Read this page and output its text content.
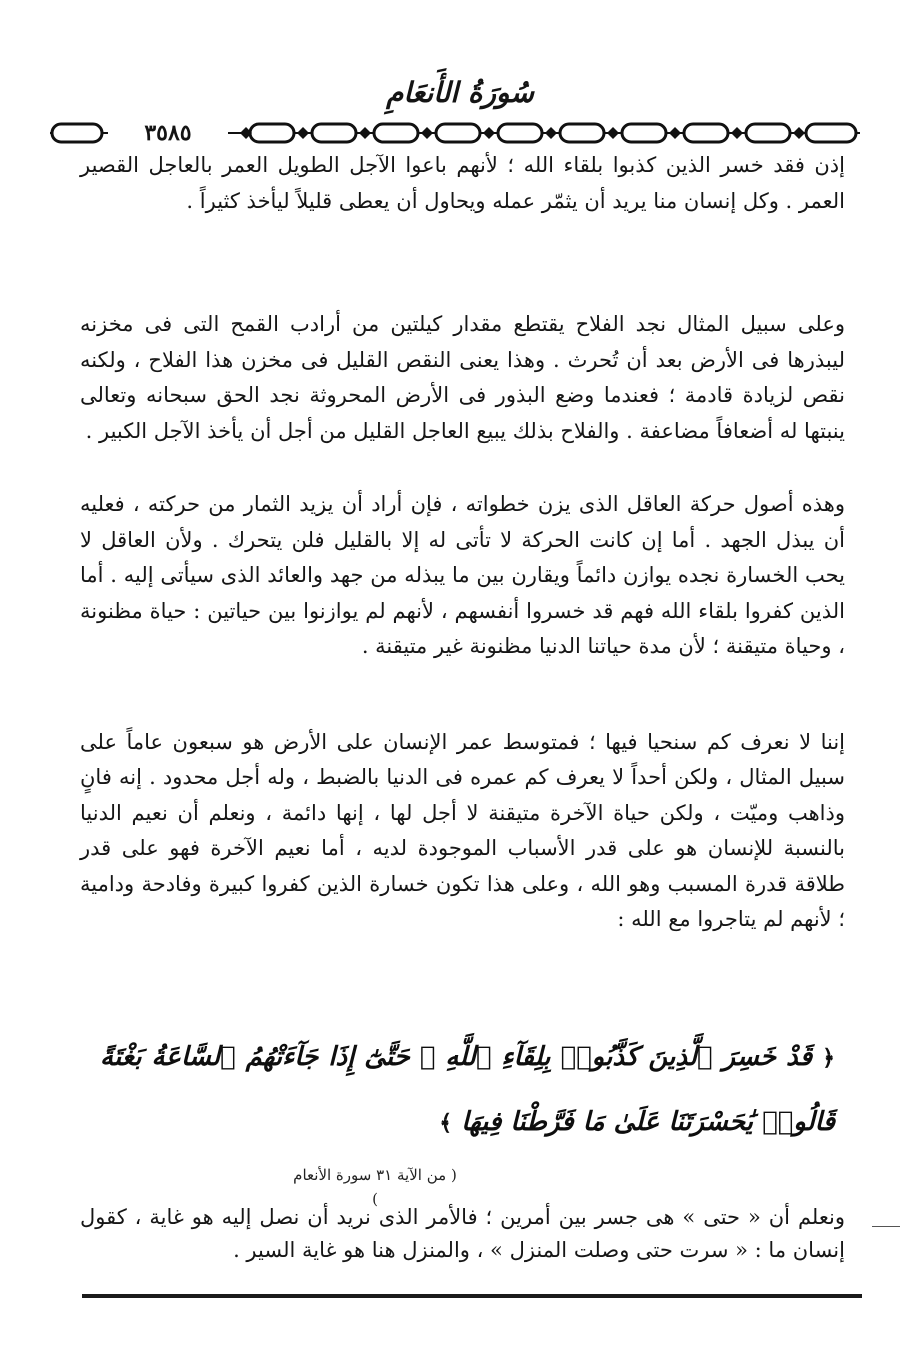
سُورَةُ الأَنعَامِ
٣٥٨٥

إذن فقد خسر الذين كذبوا بلقاء الله ؛ لأنهم باعوا الآجل الطويل العمر بالعاجل القصير العمر . وكل إنسان منا يريد أن يثمّر عمله ويحاول أن يعطى قليلاً ليأخذ كثيراً .

وعلى سبيل المثال نجد الفلاح يقتطع مقدار كيلتين من أرادب القمح التى فى مخزنه ليبذرها فى الأرض بعد أن تُحرث . وهذا يعنى النقص القليل فى مخزن هذا الفلاح ، ولكنه نقص لزيادة قادمة ؛ فعندما وضع البذور فى الأرض المحروثة نجد الحق سبحانه وتعالى ينبتها له أضعافاً مضاعفة . والفلاح بذلك يبيع العاجل القليل من أجل أن يأخذ الآجل الكبير .

وهذه أصول حركة العاقل الذى يزن خطواته ، فإن أراد أن يزيد الثمار من حركته ، فعليه أن يبذل الجهد . أما إن كانت الحركة لا تأتى له إلا بالقليل فلن يتحرك . ولأن العاقل لا يحب الخسارة نجده يوازن دائماً ويقارن بين ما يبذله من جهد والعائد الذى سيأتى إليه . أما الذين كفروا بلقاء الله فهم قد خسروا أنفسهم ، لأنهم لم يوازنوا بين حياتين : حياة مظنونة ، وحياة متيقنة ؛ لأن مدة حياتنا الدنيا مظنونة غير متيقنة .

إننا لا نعرف كم سنحيا فيها ؛ فمتوسط عمر الإنسان على الأرض هو سبعون عاماً على سبيل المثال ، ولكن أحداً لا يعرف كم عمره فى الدنيا بالضبط ، وله أجل محدود . إنه فانٍ وذاهب وميّت ، ولكن حياة الآخرة متيقنة لا أجل لها ، إنها دائمة ، ونعلم أن نعيم الدنيا بالنسبة للإنسان هو على قدر الأسباب الموجودة لديه ، أما نعيم الآخرة فهو على قدر طلاقة قدرة المسبب وهو الله ، وعلى هذا تكون خسارة الذين كفروا كبيرة وفادحة ودامية ؛ لأنهم لم يتاجروا مع الله :

﴿ قَدْ خَسِرَ ٱلَّذِينَ كَذَّبُوا۟ بِلِقَآءِ ٱللَّهِ ۖ حَتَّىٰٓ إِذَا جَآءَتْهُمُ ٱلسَّاعَةُ بَغْتَةً قَالُوا۟ يَٰحَسْرَتَنَا عَلَىٰ مَا فَرَّطْنَا فِيهَا ﴾
( من الآية ٣١ سورة الأنعام )

ونعلم أن « حتى » هى جسر بين أمرين ؛ فالأمر الذى نريد أن نصل إليه هو غاية ، كقول إنسان ما : « سرت حتى وصلت المنزل » ، والمنزل هنا هو غاية السير .
